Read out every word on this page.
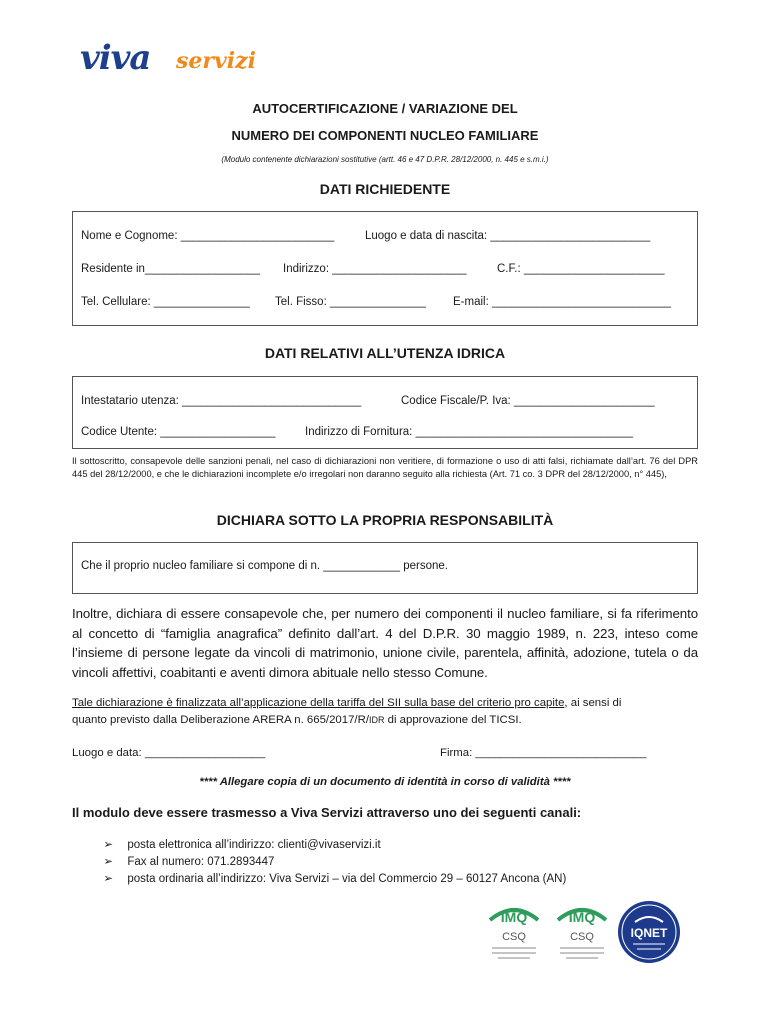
viva servizi
AUTOCERTIFICAZIONE / VARIAZIONE DEL
NUMERO DEI COMPONENTI NUCLEO FAMILIARE
(Modulo contenente dichiarazioni sostitutive (artt. 46 e 47 D.P.R. 28/12/2000, n. 445 e s.m.i.)
DATI RICHIEDENTE
Nome e Cognome: ________________________	Luogo e data di nascita: _________________________
Residente in__________________ Indirizzo: _____________________	C.F.: ______________________
Tel. Cellulare: _______________ Tel. Fisso: _______________ E-mail: ____________________________
DATI RELATIVI ALL’UTENZA IDRICA
Intestatario utenza: ____________________________	Codice Fiscale/P. Iva: ______________________
Codice Utente: __________________	Indirizzo di Fornitura: __________________________________
Il sottoscritto, consapevole delle sanzioni penali, nel caso di dichiarazioni non veritiere, di formazione o uso di atti falsi, richiamate dall’art. 76 del DPR 445 del 28/12/2000, e che le dichiarazioni incomplete e/o irregolari non daranno seguito alla richiesta (Art. 71 co. 3 DPR del 28/12/2000, n° 445),
DICHIARA SOTTO LA PROPRIA RESPONSABILITÀ
Che il proprio nucleo familiare si compone di n. ____________ persone.
Inoltre, dichiara di essere consapevole che, per numero dei componenti il nucleo familiare, si fa riferimento al concetto di “famiglia anagrafica” definito dall’art. 4 del D.P.R. 30 maggio 1989, n. 223, inteso come l’insieme di persone legate da vincoli di matrimonio, unione civile, parentela, affinità, adozione, tutela o da vincoli affettivi, coabitanti e aventi dimora abituale nello stesso Comune.
Tale dichiarazione è finalizzata all’applicazione della tariffa del SII sulla base del criterio pro capite, ai sensi di
quanto previsto dalla Deliberazione ARERA n. 665/2017/R/IDR di approvazione del TICSI.
Luogo e data: ___________________	Firma: ___________________________
**** Allegare copia di un documento di identità in corso di validità ****
Il modulo deve essere trasmesso a Viva Servizi attraverso uno dei seguenti canali:

➢ posta elettronica all’indirizzo: clienti@vivaservizi.it

➢ Fax al numero: 071.2893447

➢ posta ordinaria all’indirizzo: Viva Servizi – via del Commercio 29 – 60127 Ancona (AN)

IMQ
CSQ
IMQ
CSQ	IQNET
